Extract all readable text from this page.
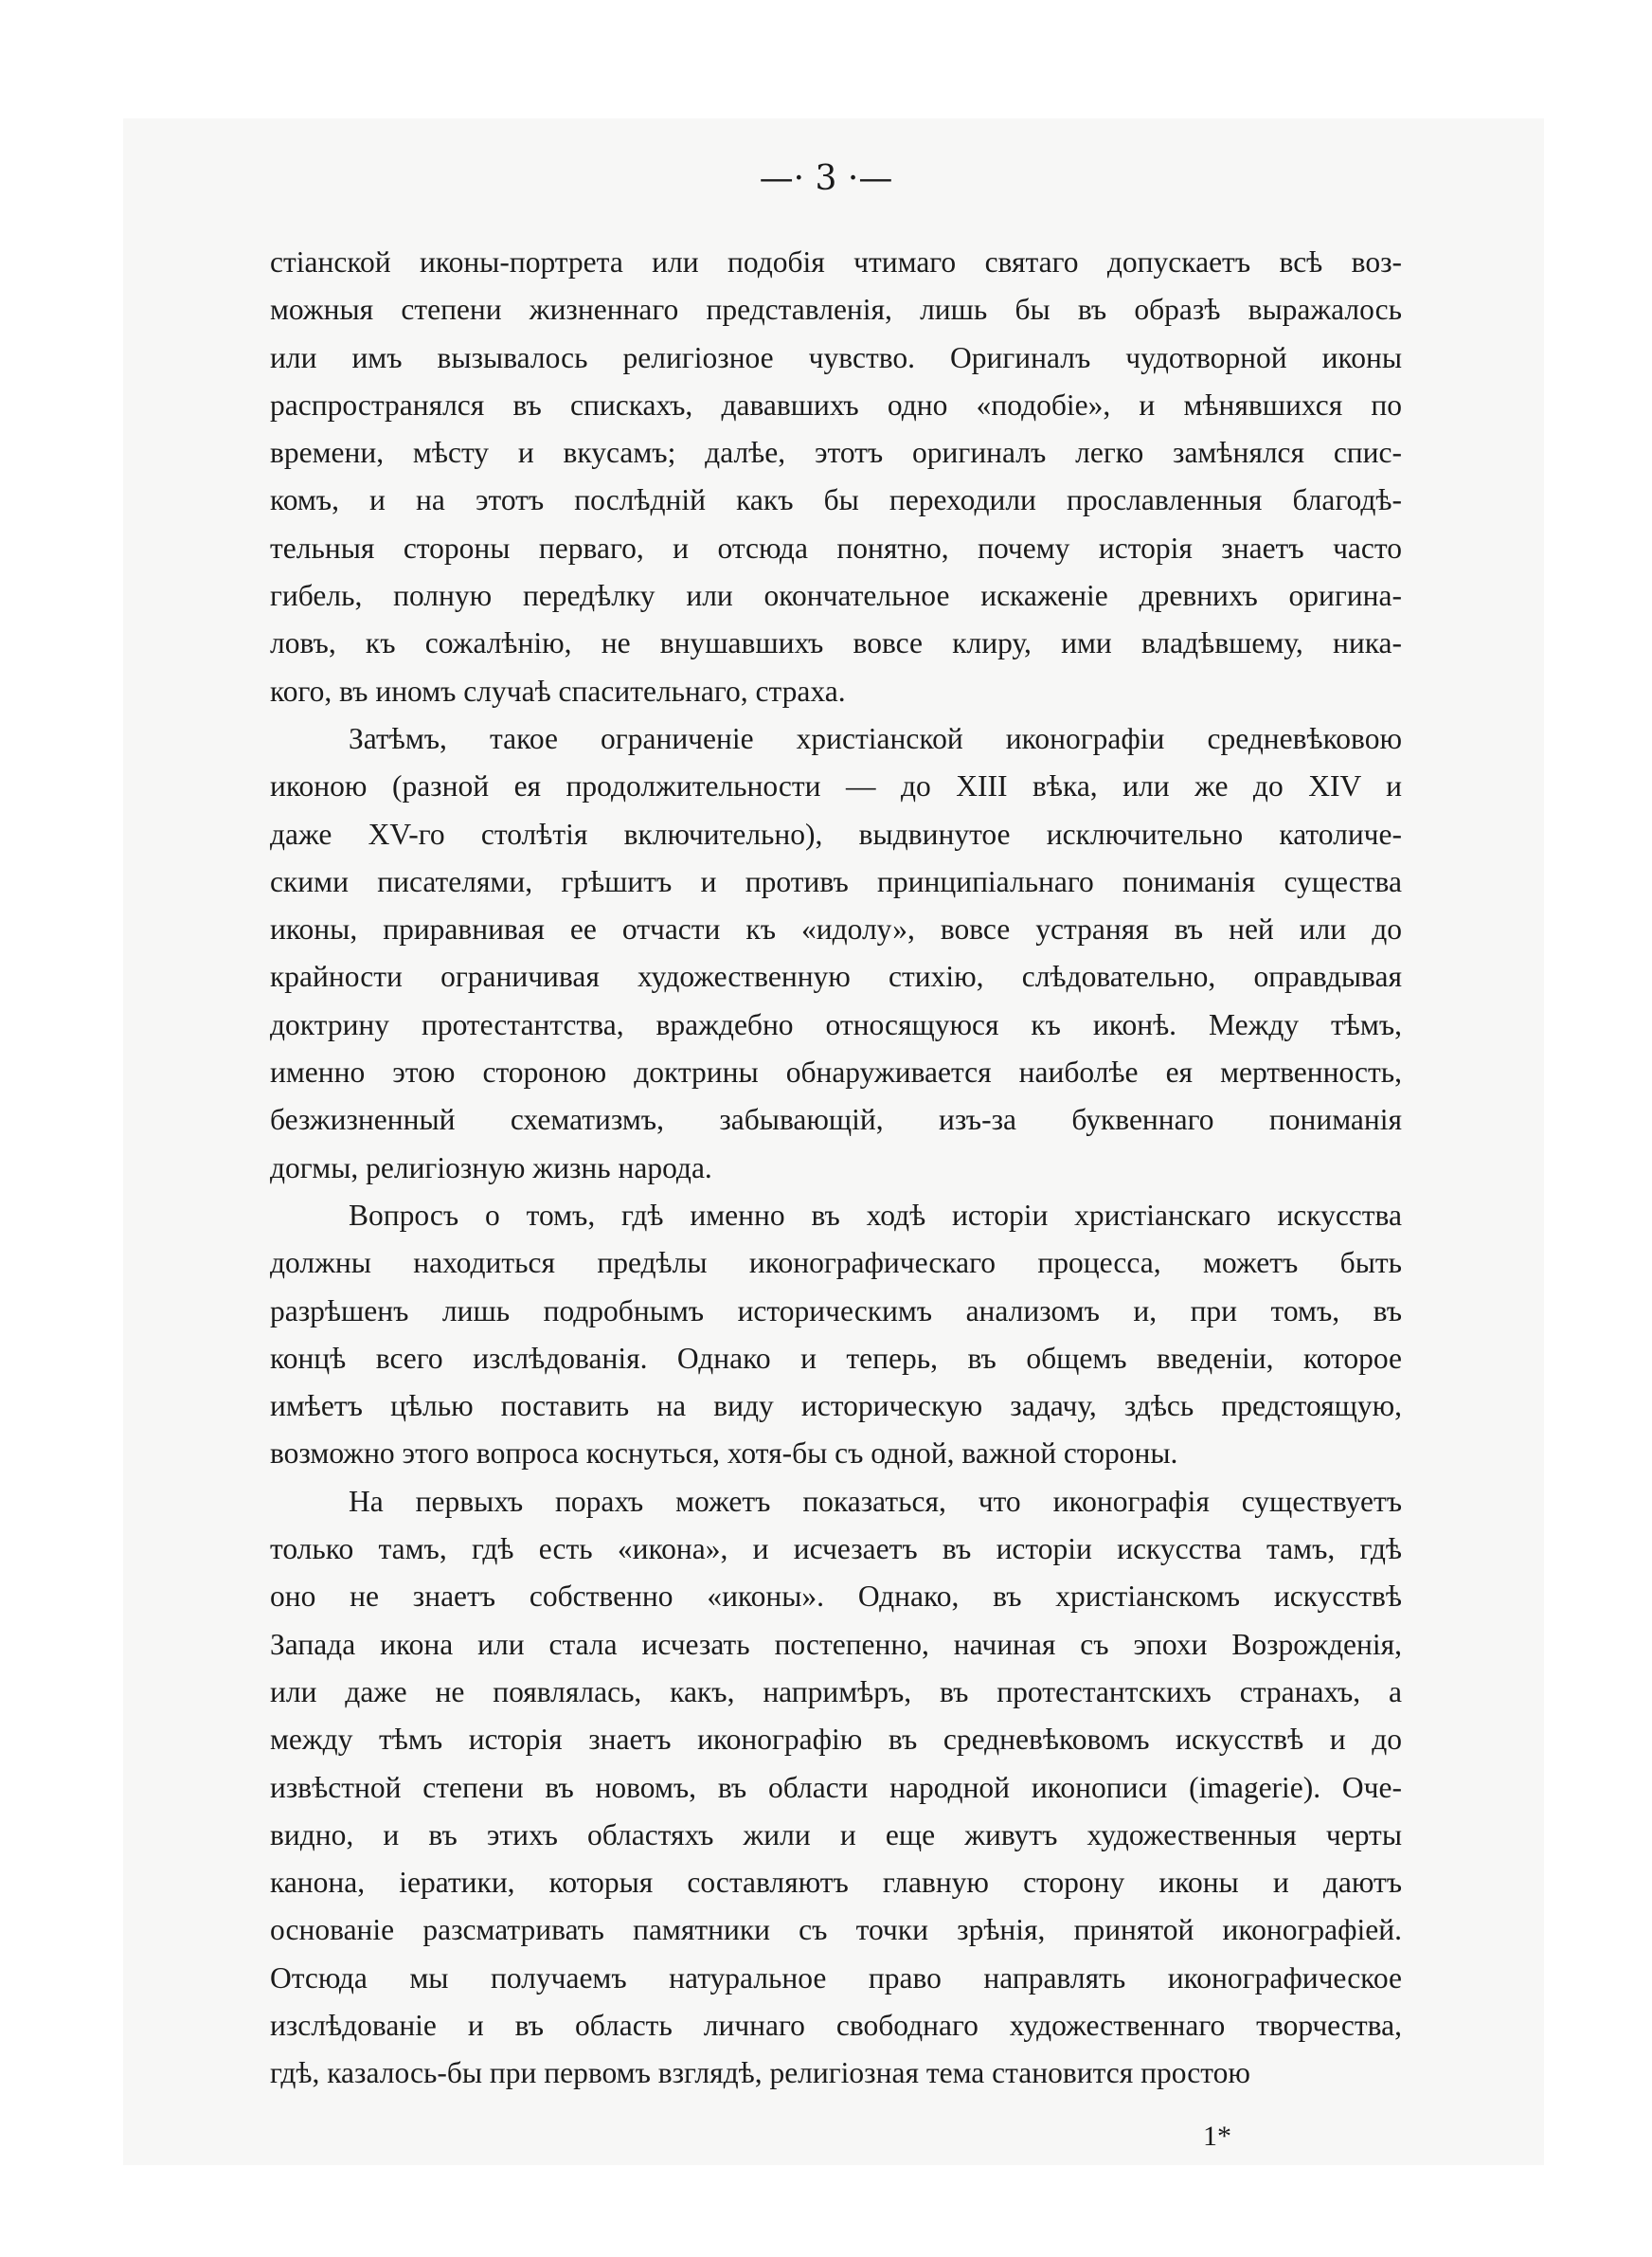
—· 3 ·—
стіанской иконы-портрета или подобія чтимаго святаго допускаетъ всѣ воз-
можныя степени жизненнаго представленія, лишь бы въ образѣ выражалось
или имъ вызывалось религіозное чувство. Оригиналъ чудотворной иконы
распространялся въ спискахъ, дававшихъ одно «подобіе», и мѣнявшихся по
времени, мѣсту и вкусамъ; далѣе, этотъ оригиналъ легко замѣнялся спис-
комъ, и на этотъ послѣдній какъ бы переходили прославленныя благодѣ-
тельныя стороны перваго, и отсюда понятно, почему исторія знаетъ часто
гибель, полную передѣлку или окончательное искаженіе древнихъ оригина-
ловъ, къ сожалѣнію, не внушавшихъ вовсе клиру, ими владѣвшему, ника-
кого, въ иномъ случаѣ спасительнаго, страха.
Затѣмъ, такое ограниченіе христіанской иконографіи средневѣковою
иконою (разной ея продолжительности — до XIII вѣка, или же до XIV и
даже XV-го столѣтія включительно), выдвинутое исключительно католиче-
скими писателями, грѣшитъ и противъ принципіальнаго пониманія существа
иконы, приравнивая ее отчасти къ «идолу», вовсе устраняя въ ней или до
крайности ограничивая художественную стихію, слѣдовательно, оправдывая
доктрину протестантства, враждебно относящуюся къ иконѣ. Между тѣмъ,
именно этою стороною доктрины обнаруживается наиболѣе ея мертвенность,
безжизненный схематизмъ, забывающій, изъ-за буквеннаго пониманія
догмы, религіозную жизнь народа.
Вопросъ о томъ, гдѣ именно въ ходѣ исторіи христіанскаго искусства
должны находиться предѣлы иконографическаго процесса, можетъ быть
разрѣшенъ лишь подробнымъ историческимъ анализомъ и, при томъ, въ
концѣ всего изслѣдованія. Однако и теперь, въ общемъ введеніи, которое
имѣетъ цѣлью поставить на виду историческую задачу, здѣсь предстоящую,
возможно этого вопроса коснуться, хотя-бы съ одной, важной стороны.
На первыхъ порахъ можетъ показаться, что иконографія существуетъ
только тамъ, гдѣ есть «икона», и исчезаетъ въ исторіи искусства тамъ, гдѣ
оно не знаетъ собственно «иконы». Однако, въ христіанскомъ искусствѣ
Запада икона или стала исчезать постепенно, начиная съ эпохи Возрожденія,
или даже не появлялась, какъ, напримѣръ, въ протестантскихъ странахъ, а
между тѣмъ исторія знаетъ иконографію въ средневѣковомъ искусствѣ и до
извѣстной степени въ новомъ, въ области народной иконописи (imagerie). Оче-
видно, и въ этихъ областяхъ жили и еще живутъ художественныя черты
канона, іератики, которыя составляютъ главную сторону иконы и даютъ
основаніе разсматривать памятники съ точки зрѣнія, принятой иконографіей.
Отсюда мы получаемъ натуральное право направлять иконографическое
изслѣдованіе и въ область личнаго свободнаго художественнаго творчества,
гдѣ, казалось-бы при первомъ взглядѣ, религіозная тема становится простою
1*
